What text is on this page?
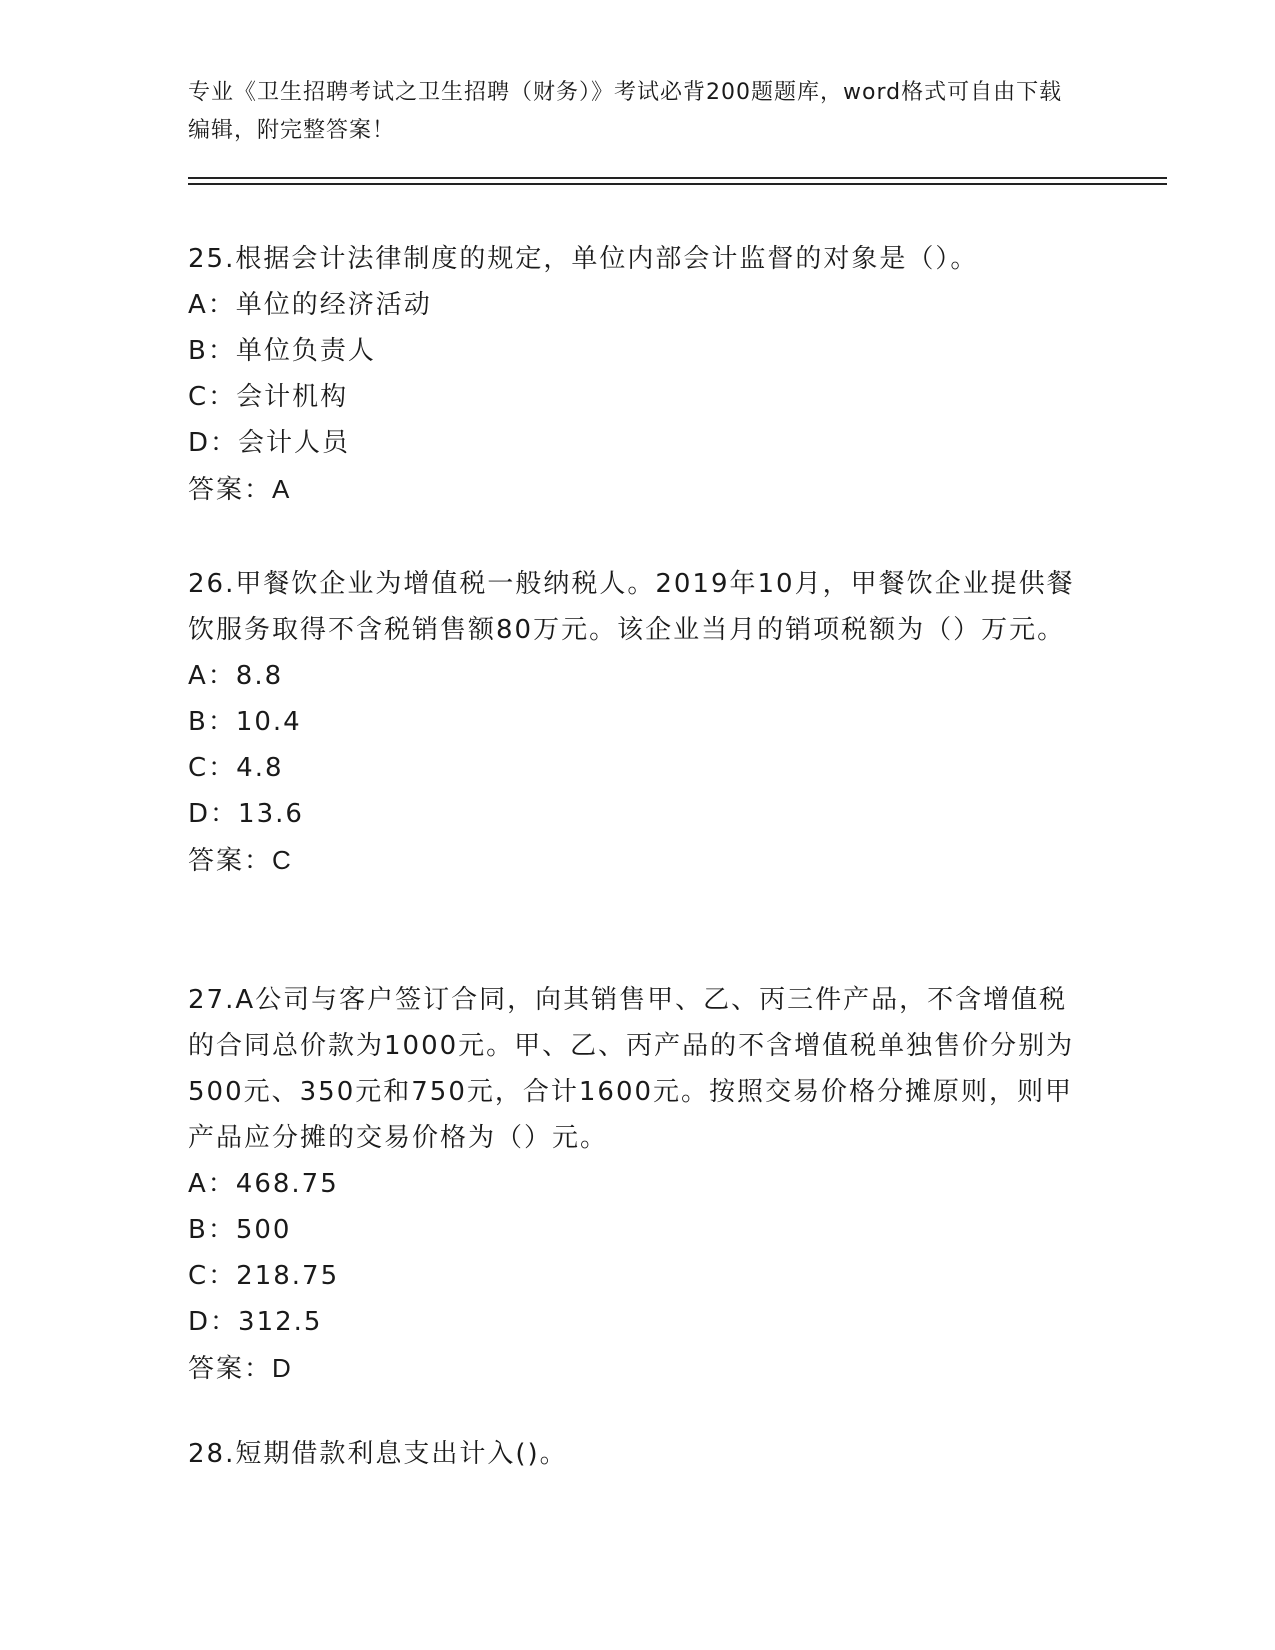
专业《卫生招聘考试之卫生招聘（财务）》考试必背200题题库，word格式可自由下载编辑，附完整答案！

25.根据会计法律制度的规定，单位内部会计监督的对象是（）。

A：单位的经济活动

B：单位负责人

C：会计机构

D：会计人员

答案：A

26.甲餐饮企业为增值税一般纳税人。2019年10月，甲餐饮企业提供餐饮服务取得不含税销售额80万元。该企业当月的销项税额为（）万元。

A：8.8

B：10.4

C：4.8

D：13.6

答案：C

27.A公司与客户签订合同，向其销售甲、乙、丙三件产品，不含增值税的合同总价款为1000元。甲、乙、丙产品的不含增值税单独售价分别为500元、350元和750元，合计1600元。按照交易价格分摊原则，则甲产品应分摊的交易价格为（）元。

A：468.75

B：500

C：218.75

D：312.5

答案：D

28.短期借款利息支出计入()。
